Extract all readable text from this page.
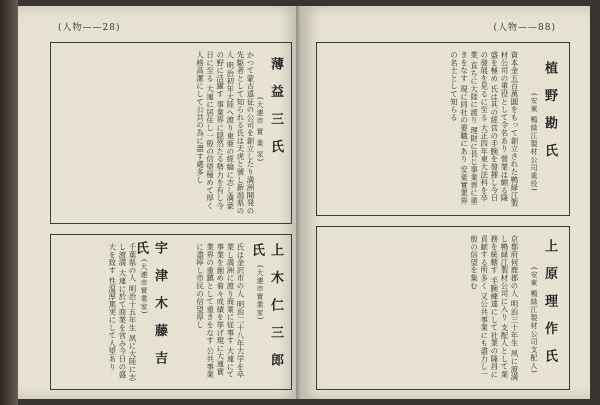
(人物——28)
薄 益 三 氏
(大連市 實 業 家)
かつて蒙古遠征の公司を創立したり満洲開発の先駆者として知られる氏は天虎と號し新潟県の人 明治初年大陸へ渡り東亜の經綸に志し満蒙の野に活躍す 事業界に隠然たる勢力を有し今日に至る 大連に居住し一般の信望極めて厚く人格高潔にして公共の為に盡す處多し
上 木 仁 三 郎 氏
(大連市實業家)
氏は金沢市の人 明治二十八年大学を卒業し満洲に渡り商業に従事す 大連にて事業を創め着々成績を挙げ現に大連實業界の重鎮として重きをなす 公共事業に盡瘁し市民の信望厚し
宇 津 木 藤 吉 氏
(大連市實業家)
千葉県の人 明治十五年生 夙に大陸に志し渡満 大連に於て商業を営み今日の盛大を致す 性温厚篤実にして人望あり
(人物——88)
植 野 勘 氏
(安東 鴨緑江製材公司重役)
資本金五百萬圓をもって創立された鴨緑江製材公司の重役として令名あり 營業は頗る隆盛を極め 氏は其の經営の手腕を發揮し今日の發展を見るに至る 大正四年東大法科を卒業 直ちに大陸に渡り 理財に長じ事業界に重きをなす 現に同社の要職にあり 安東實業界の名士として知らる
上 原 理 作 氏
(安東 鴨緑江製材公司支配人)
京都府何鹿郡の人 明治三十年生 夙に渡満し鴨緑江製材公司に入り 支配人として業務を統轄す 手腕練達にして社業の隆昌に貢献する所多く 又公共事業にも盡力し一般の信望を集む
